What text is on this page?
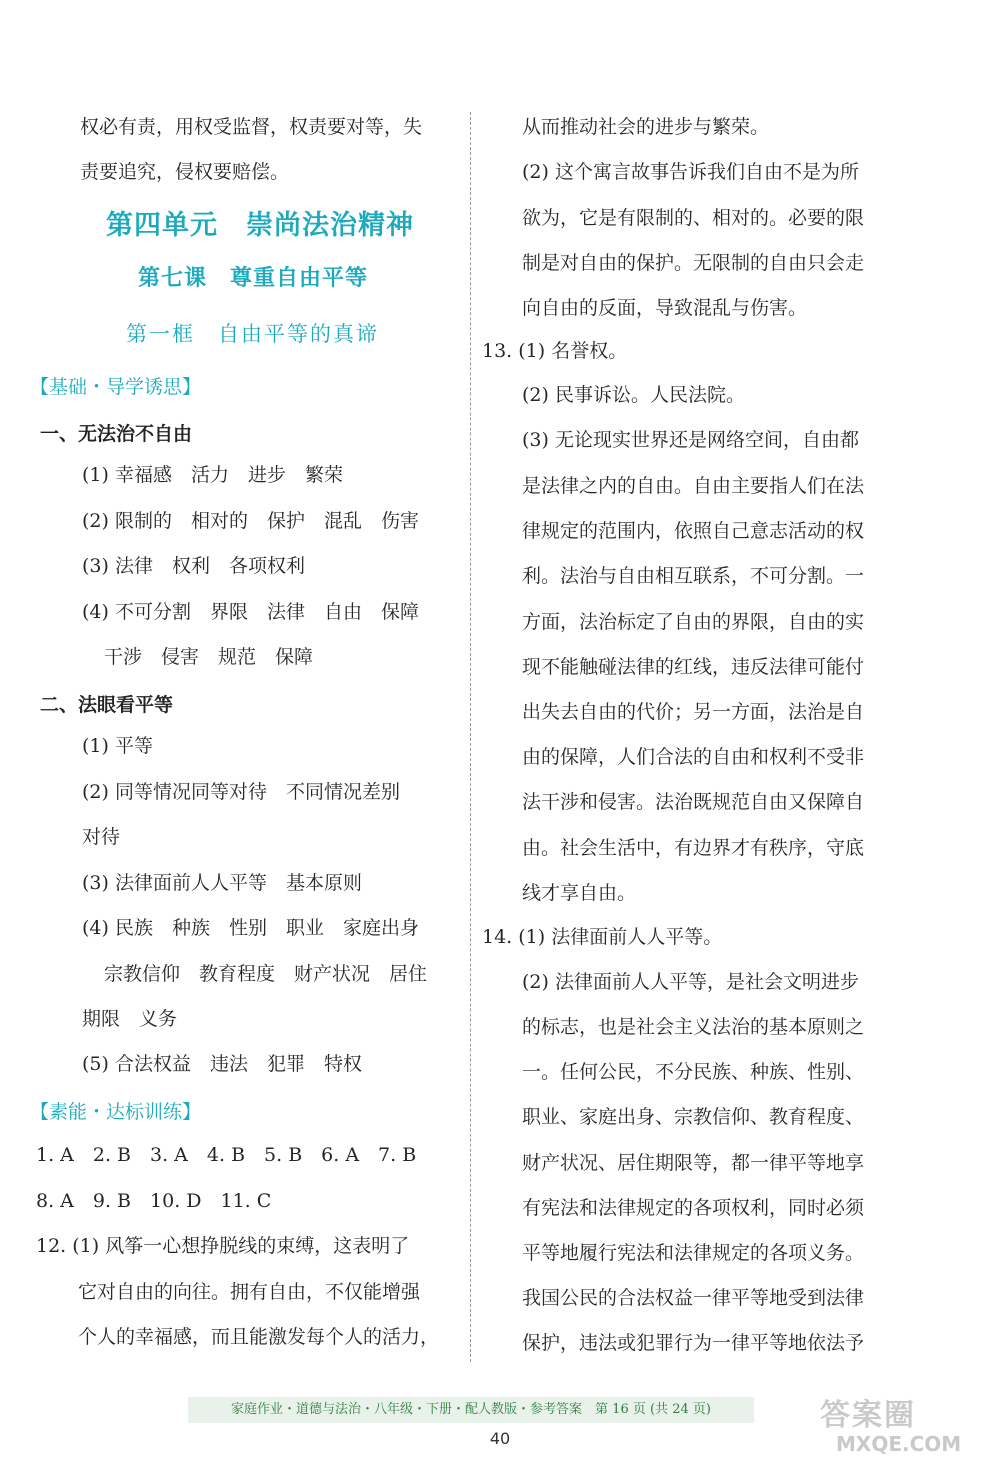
权必有责，用权受监督，权责要对等，失
责要追究，侵权要赔偿。
第四单元　崇尚法治精神
第七课　尊重自由平等
第一框　自由平等的真谛
【基础・导学诱思】
一、无法治不自由
(1) 幸福感　活力　进步　繁荣
(2) 限制的　相对的　保护　混乱　伤害
(3) 法律　权利　各项权利
(4) 不可分割　界限　法律　自由　保障
干涉　侵害　规范　保障
二、法眼看平等
(1) 平等
(2) 同等情况同等对待　不同情况差别
对待
(3) 法律面前人人平等　基本原则
(4) 民族　种族　性别　职业　家庭出身
宗教信仰　教育程度　财产状况　居住
期限　义务
(5) 合法权益　违法　犯罪　特权
【素能・达标训练】
1. A　2. B　3. A　4. B　5. B　6. A　7. B
8. A　9. B　10. D　11. C
12. (1) 风筝一心想挣脱线的束缚，这表明了
它对自由的向往。拥有自由，不仅能增强
个人的幸福感，而且能激发每个人的活力，
从而推动社会的进步与繁荣。
(2) 这个寓言故事告诉我们自由不是为所
欲为，它是有限制的、相对的。必要的限
制是对自由的保护。无限制的自由只会走
向自由的反面，导致混乱与伤害。
13. (1) 名誉权。
(2) 民事诉讼。人民法院。
(3) 无论现实世界还是网络空间，自由都
是法律之内的自由。自由主要指人们在法
律规定的范围内，依照自己意志活动的权
利。法治与自由相互联系，不可分割。一
方面，法治标定了自由的界限，自由的实
现不能触碰法律的红线，违反法律可能付
出失去自由的代价；另一方面，法治是自
由的保障，人们合法的自由和权利不受非
法干涉和侵害。法治既规范自由又保障自
由。社会生活中，有边界才有秩序，守底
线才享自由。
14. (1) 法律面前人人平等。
(2) 法律面前人人平等，是社会文明进步
的标志，也是社会主义法治的基本原则之
一。任何公民，不分民族、种族、性别、
职业、家庭出身、宗教信仰、教育程度、
财产状况、居住期限等，都一律平等地享
有宪法和法律规定的各项权利，同时必须
平等地履行宪法和法律规定的各项义务。
我国公民的合法权益一律平等地受到法律
保护，违法或犯罪行为一律平等地依法予
家庭作业・道德与法治・八年级・下册・配人教版・参考答案　第 16 页 (共 24 页)
40
答案圈
MXQE.COM
